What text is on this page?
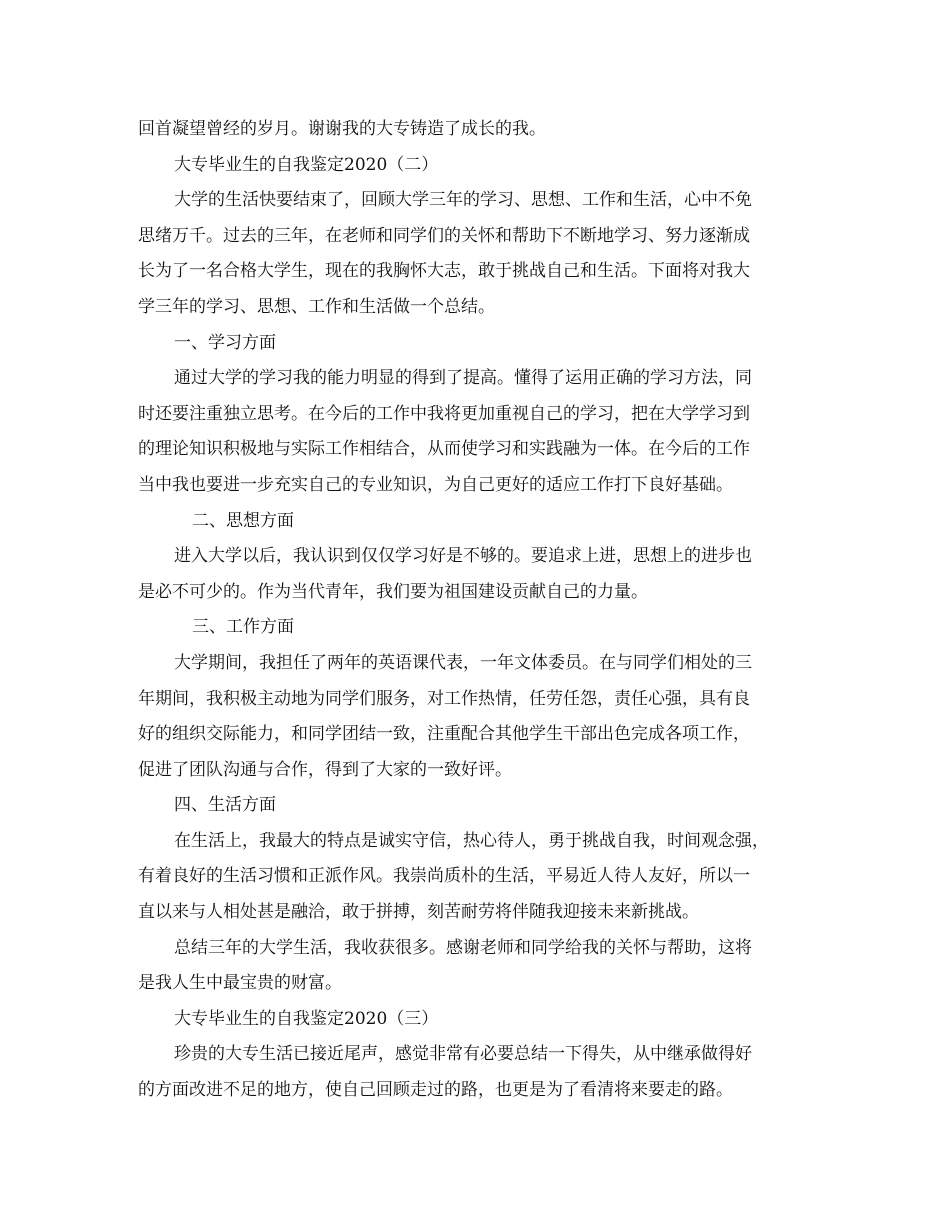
回首凝望曾经的岁月。谢谢我的大专铸造了成长的我。
大专毕业生的自我鉴定2020（二）
大学的生活快要结束了，回顾大学三年的学习、思想、工作和生活，心中不免
思绪万千。过去的三年，在老师和同学们的关怀和帮助下不断地学习、努力逐渐成
长为了一名合格大学生，现在的我胸怀大志，敢于挑战自己和生活。下面将对我大
学三年的学习、思想、工作和生活做一个总结。
一、学习方面
通过大学的学习我的能力明显的得到了提高。懂得了运用正确的学习方法，同
时还要注重独立思考。在今后的工作中我将更加重视自己的学习，把在大学学习到
的理论知识积极地与实际工作相结合，从而使学习和实践融为一体。在今后的工作
当中我也要进一步充实自己的专业知识，为自己更好的适应工作打下良好基础。
二、思想方面
进入大学以后，我认识到仅仅学习好是不够的。要追求上进，思想上的进步也
是必不可少的。作为当代青年，我们要为祖国建设贡献自己的力量。
三、工作方面
大学期间，我担任了两年的英语课代表，一年文体委员。在与同学们相处的三
年期间，我积极主动地为同学们服务，对工作热情，任劳任怨，责任心强，具有良
好的组织交际能力，和同学团结一致，注重配合其他学生干部出色完成各项工作，
促进了团队沟通与合作，得到了大家的一致好评。
四、生活方面
在生活上，我最大的特点是诚实守信，热心待人，勇于挑战自我，时间观念强，
有着良好的生活习惯和正派作风。我崇尚质朴的生活，平易近人待人友好，所以一
直以来与人相处甚是融洽，敢于拼搏，刻苦耐劳将伴随我迎接未来新挑战。
总结三年的大学生活，我收获很多。感谢老师和同学给我的关怀与帮助，这将
是我人生中最宝贵的财富。
大专毕业生的自我鉴定2020（三）
珍贵的大专生活已接近尾声，感觉非常有必要总结一下得失，从中继承做得好
的方面改进不足的地方，使自己回顾走过的路，也更是为了看清将来要走的路。
